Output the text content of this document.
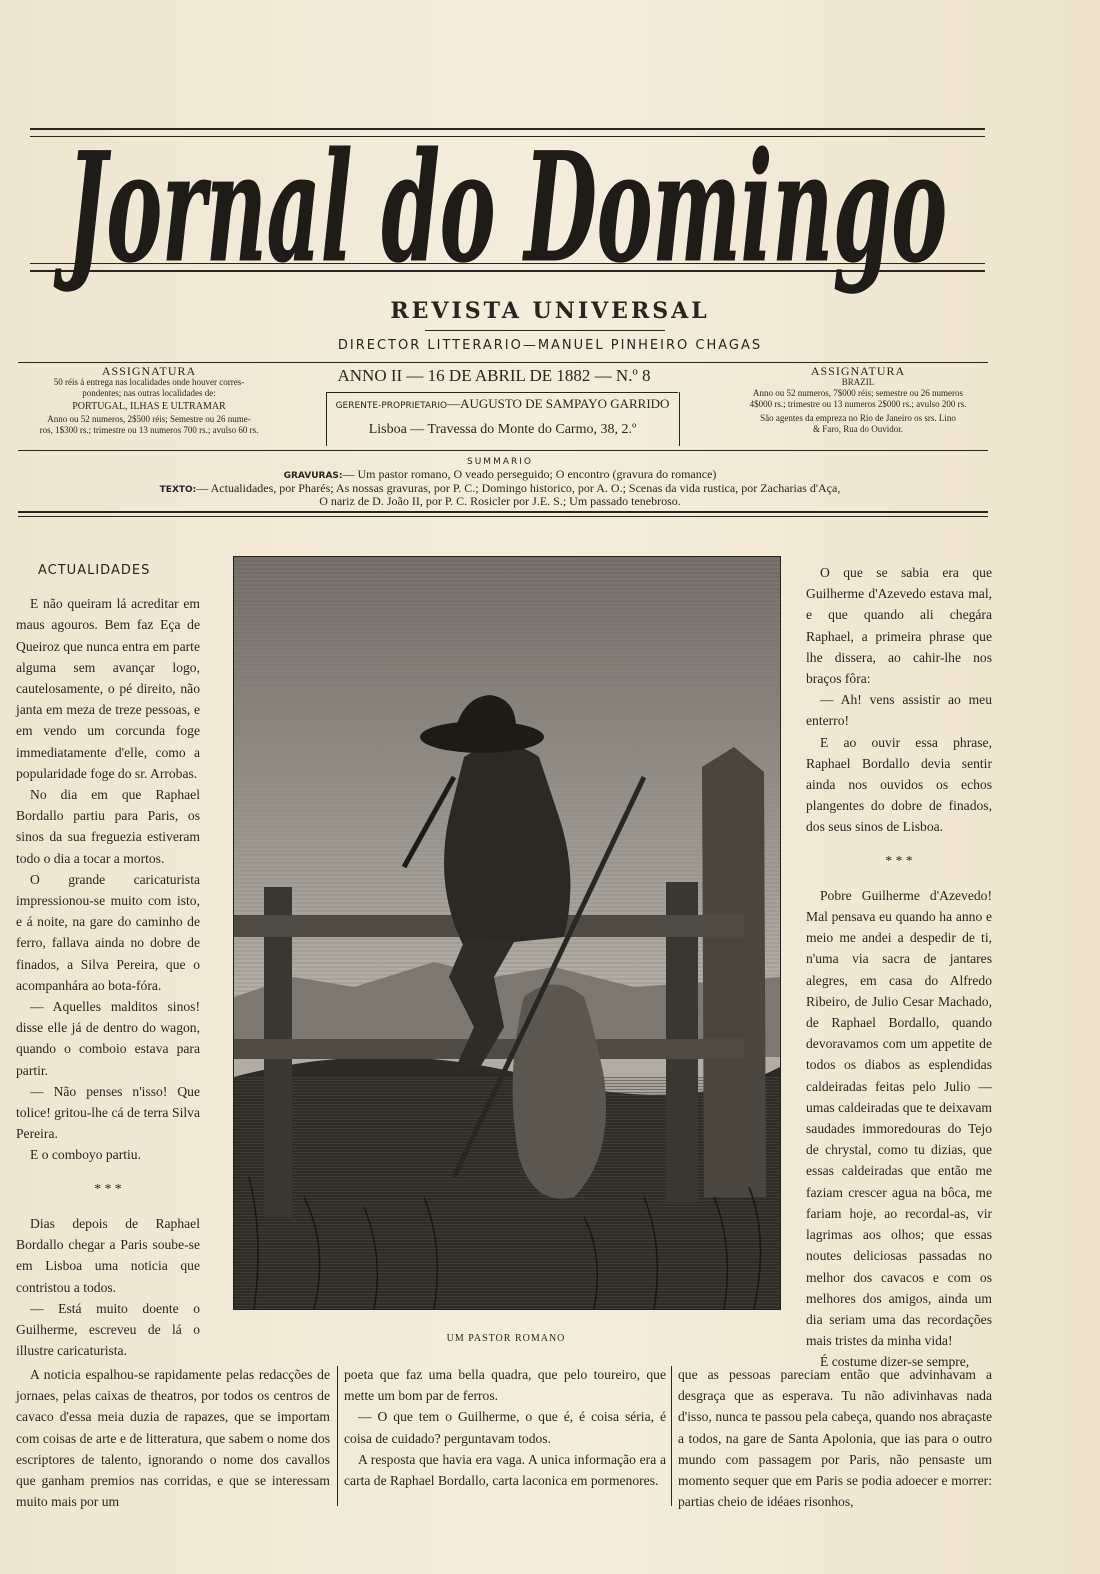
Jornal do Domingo
REVISTA UNIVERSAL
DIRECTOR LITTERARIO—MANUEL PINHEIRO CHAGAS
ASSIGNATURA
50 réis á entrega nas localidades onde houver corres-
pondentes; nas outras localidades de:
PORTUGAL, ILHAS E ULTRAMAR
Anno ou 52 numeros, 2$500 réis; Semestre ou 26 nume-
ros, 1$300 rs.; trimestre ou 13 numeros 700 rs.; avulso 60 rs.
ANNO II — 16 DE ABRIL DE 1882 — N.º 8
GERENTE-PROPRIETARIO—AUGUSTO DE SAMPAYO GARRIDO
Lisboa — Travessa do Monte do Carmo, 38, 2.º
ASSIGNATURA
BRAZIL
Anno ou 52 numeros, 7$000 réis; semestre ou 26 numeros
4$000 rs.; trimestre ou 13 numeros 2$000 rs.; avulso 200 rs.
São agentes da empreza no Rio de Janeiro os srs. Lino
& Faro, Rua do Ouvidor.
SUMMARIO
GRAVURAS:— Um pastor romano, O veado perseguido; O encontro (gravura do romance)
TEXTO:— Actualidades, por Pharés; As nossas gravuras, por P. C.; Domingo historico, por A. O.; Scenas da vida rustica, por Zacharias d'Aça,
O nariz de D. João II, por P. C. Rosicler por J.E. S.; Um passado tenebroso.

ACTUALIDADES

E não queiram lá acreditar em maus agouros. Bem faz Eça de Queiroz que nunca entra em parte alguma sem avançar logo, cautelosamente, o pé direito, não janta em meza de treze pessoas, e em vendo um corcunda foge immediatamente d'elle, como a popularidade foge do sr. Arrobas.

No dia em que Raphael Bordallo partiu para Paris, os sinos da sua freguezia estiveram todo o dia a tocar a mortos.

O grande caricaturista impressionou-se muito com isto, e á noite, na gare do caminho de ferro, fallava ainda no dobre de finados, a Silva Pereira, que o acompanhára ao bota-fóra.

— Aquelles malditos sinos! disse elle já de dentro do wagon, quando o comboio estava para partir.

— Não penses n'isso! Que tolice! gritou-lhe cá de terra Silva Pereira.

E o comboyo partiu.

* * *

Dias depois de Raphael Bordallo chegar a Paris soube-se em Lisboa uma noticia que contristou a todos.

— Está muito doente o Guilherme, escreveu de lá o illustre caricaturista.

UM PASTOR ROMANO

O que se sabia era que Guilherme d'Azevedo estava mal, e que quando ali chegára Raphael, a primeira phrase que lhe dissera, ao cahir-lhe nos braços fôra:

— Ah! vens assistir ao meu enterro!

E ao ouvir essa phrase, Raphael Bordallo devia sentir ainda nos ouvidos os echos plangentes do dobre de finados, dos seus sinos de Lisboa.

* * *

Pobre Guilherme d'Azevedo! Mal pensava eu quando ha anno e meio me andei a despedir de ti, n'uma via sacra de jantares alegres, em casa do Alfredo Ribeiro, de Julio Cesar Machado, de Raphael Bordallo, quando devoravamos com um appetite de todos os diabos as esplendidas caldeiradas feitas pelo Julio — umas caldeiradas que te deixavam saudades immoredouras do Tejo de chrystal, como tu dizias, que essas caldeiradas que então me faziam crescer agua na bôca, me fariam hoje, ao recordal-as, vir lagrimas aos olhos; que essas noutes deliciosas passadas no melhor dos cavacos e com os melhores dos amigos, ainda um dia seriam uma das recordações mais tristes da minha vida!

É costume dizer-se sempre,

A noticia espalhou-se rapidamente pelas redacções de jornaes, pelas caixas de theatros, por todos os centros de cavaco d'essa meia duzia de rapazes, que se importam com coisas de arte e de litteratura, que sabem o nome dos escriptores de talento, ignorando o nome dos cavallos que ganham premios nas corridas, e que se interessam muito mais por um

poeta que faz uma bella quadra, que pelo toureiro, que mette um bom par de ferros.

— O que tem o Guilherme, o que é, é coisa séria, é coisa de cuidado? perguntavam todos.

A resposta que havia era vaga. A unica informação era a carta de Raphael Bordallo, carta laconica em pormenores.

que as pessoas pareciam então que advinhavam a desgraça que as esperava. Tu não adivinhavas nada d'isso, nunca te passou pela cabeça, quando nos abraçaste a todos, na gare de Santa Apolonia, que ias para o outro mundo com passagem por Paris, não pensaste um momento sequer que em Paris se podia adoecer e morrer: partias cheio de idéaes risonhos,
